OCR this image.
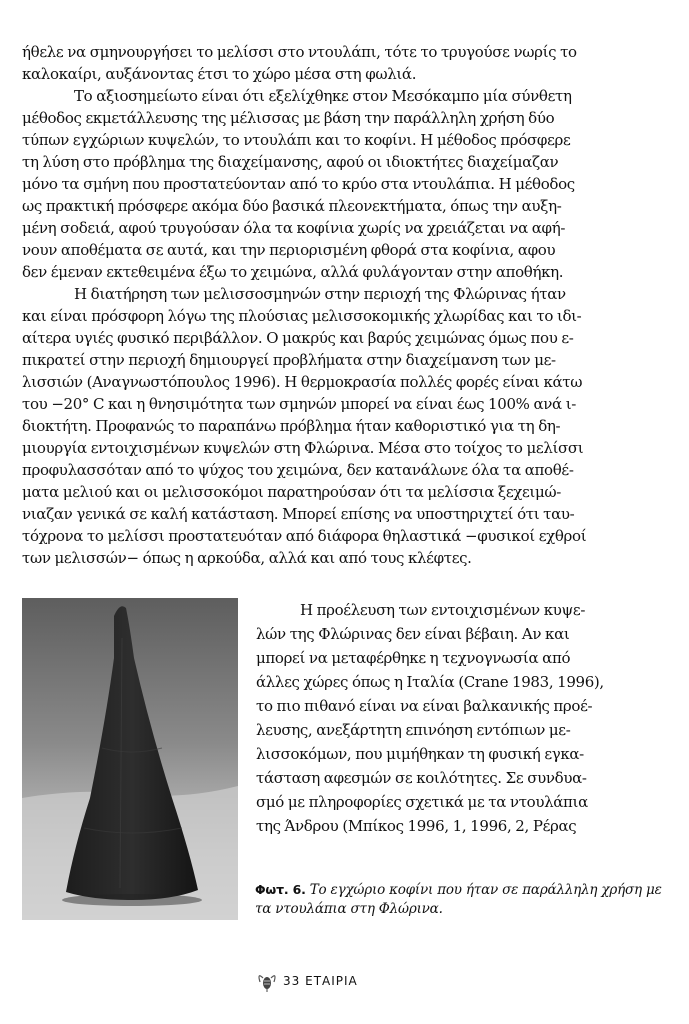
ήθελε να σμηνουργήσει το μελίσσι στο ντουλάπι, τότε το τρυγούσε νωρίς το
καλοκαίρι, αυξάνοντας έτσι το χώρο μέσα στη φωλιά.
Το αξιοσημείωτο είναι ότι εξελίχθηκε στον Μεσόκαμπο μία σύνθετη
μέθοδος εκμετάλλευσης της μέλισσας με βάση την παράλληλη χρήση δύο
τύπων εγχώριων κυψελών, το ντουλάπι και το κοφίνι. Η μέθοδος πρόσφερε
τη λύση στο πρόβλημα της διαχείμανσης, αφού οι ιδιοκτήτες διαχείμαζαν
μόνο τα σμήνη που προστατεύονταν από το κρύο στα ντουλάπια. Η μέθοδος
ως πρακτική πρόσφερε ακόμα δύο βασικά πλεονεκτήματα, όπως την αυξη-
μένη σοδειά, αφού τρυγούσαν όλα τα κοφίνια χωρίς να χρειάζεται να αφή-
νουν αποθέματα σε αυτά, και την περιορισμένη φθορά στα κοφίνια, αφου
δεν έμεναν εκτεθειμένα έξω το χειμώνα, αλλά φυλάγονταν στην αποθήκη.
Η διατήρηση των μελισσοσμηνών στην περιοχή της Φλώρινας ήταν
και είναι πρόσφορη λόγω της πλούσιας μελισσοκομικής χλωρίδας και το ιδι-
αίτερα υγιές φυσικό περιβάλλον. Ο μακρύς και βαρύς χειμώνας όμως που ε-
πικρατεί στην περιοχή δημιουργεί προβλήματα στην διαχείμανση των με-
λισσιών (Αναγνωστόπουλος 1996). Η θερμοκρασία πολλές φορές είναι κάτω
του −20° C και η θνησιμότητα των σμηνών μπορεί να είναι έως 100% ανά ι-
διοκτήτη. Προφανώς το παραπάνω πρόβλημα ήταν καθοριστικό για τη δη-
μιουργία εντοιχισμένων κυψελών στη Φλώρινα. Μέσα στο τοίχος το μελίσσι
προφυλασσόταν από το ψύχος του χειμώνα, δεν κατανάλωνε όλα τα αποθέ-
ματα μελιού και οι μελισσοκόμοι παρατηρούσαν ότι τα μελίσσια ξεχειμώ-
νιαζαν γενικά σε καλή κατάσταση. Μπορεί επίσης να υποστηριχτεί ότι ταυ-
τόχρονα το μελίσσι προστατευόταν από διάφορα θηλαστικά −φυσικοί εχθροί
των μελισσών− όπως η αρκούδα, αλλά και από τους κλέφτες.
Η προέλευση των εντοιχισμένων κυψε-
λών της Φλώρινας δεν είναι βέβαιη. Αν και
μπορεί να μεταφέρθηκε η τεχνογνωσία από
άλλες χώρες όπως η Ιταλία (Crane 1983, 1996),
το πιο πιθανό είναι να είναι βαλκανικής προέ-
λευσης, ανεξάρτητη επινόηση εντόπιων με-
λισσοκόμων, που μιμήθηκαν τη φυσική εγκα-
τάσταση αφεσμών σε κοιλότητες. Σε συνδυα-
σμό με πληροφορίες σχετικά με τα ντουλάπια
της Άνδρου (Μπίκος 1996, 1, 1996, 2, Ρέρας
Φωτ. 6. Το εγχώριο κοφίνι που ήταν σε παράλληλη χρήση με τα ντουλάπια στη Φλώρινα.
33 ΕΤΑΙΡΙΑ
